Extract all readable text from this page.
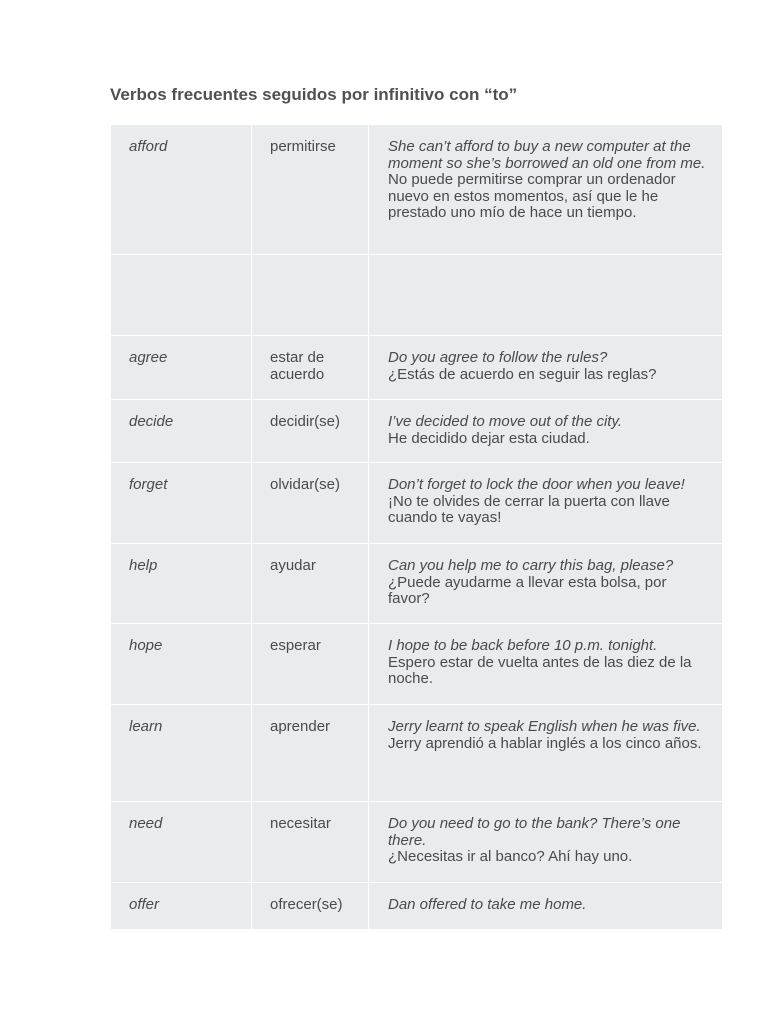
Verbos frecuentes seguidos por infinitivo con “to”
afford	permitirse	She can’t afford to buy a new computer at the moment so she’s borrowed an old one from me.
No puede permitirse comprar un ordenador nuevo en estos momentos, así que le he prestado uno mío de hace un tiempo.

agree	estar de acuerdo	Do you agree to follow the rules?
¿Estás de acuerdo en seguir las reglas?

decide	decidir(se)	I’ve decided to move out of the city.
He decidido dejar esta ciudad.

forget	olvidar(se)	Don’t forget to lock the door when you leave!
¡No te olvides de cerrar la puerta con llave cuando te vayas!

help	ayudar	Can you help me to carry this bag, please?
¿Puede ayudarme a llevar esta bolsa, por favor?

hope	esperar	I hope to be back before 10 p.m. tonight.
Espero estar de vuelta antes de las diez de la noche.

learn	aprender	Jerry learnt to speak English when he was five.
Jerry aprendió a hablar inglés a los cinco años.

need	necesitar	Do you need to go to the bank? There’s one there.
¿Necesitas ir al banco? Ahí hay uno.

offer	ofrecer(se)	Dan offered to take me home.
